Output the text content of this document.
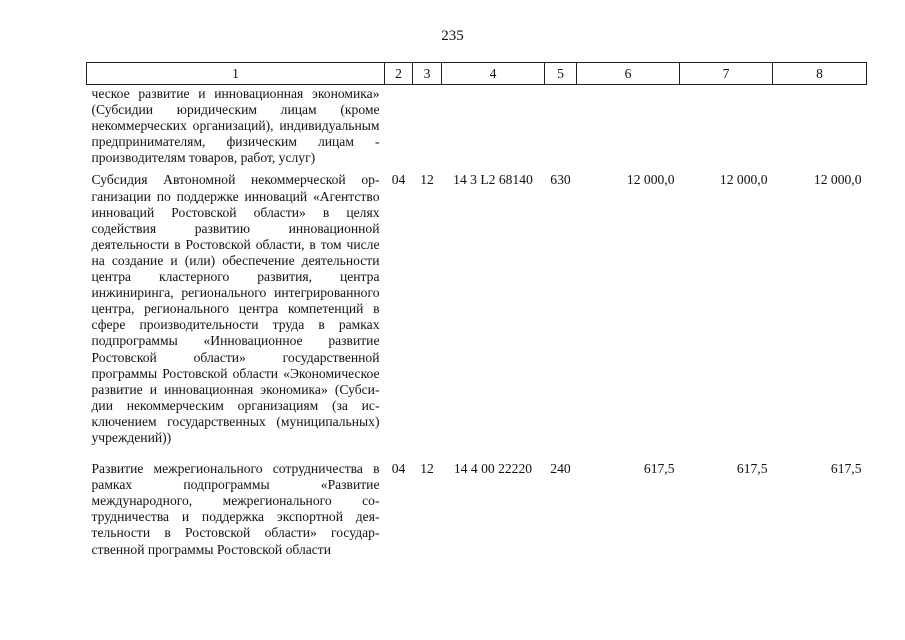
235
1	2	3	4	5	6	7	8
ческое развитие и инновационная экономика» (Субсидии юридическим лицам (кроме некоммерческих организаций), индивидуальным предпринимателям, физическим лицам - производителям товаров, работ, услуг)							
Субсидия Автономной некоммерческой организации по поддержке инноваций «Агентство инноваций Ростовской области» в целях содействия развитию инновационной деятельности в Ростовской области, в том числе на создание и (или) обеспечение деятельности центра кластерного развития, центра инжиниринга, регионального интегрированного центра, регионального центра компетенций в сфере производительности труда в рамках подпрограммы «Инновационное развитие Ростовской области» государственной программы Ростовской области «Экономическое развитие и инновационная экономика» (Субсидии некоммерческим организациям (за исключением государственных (муниципальных) учреждений))	04	12	14 3 L2 68140	630	12 000,0	12 000,0	12 000,0
Развитие межрегионального сотрудничества в рамках подпрограммы «Развитие международного, межрегионального сотрудничества и поддержка экспортной деятельности в Ростовской области» государственной программы Ростовской области	04	12	14 4 00 22220	240	617,5	617,5	617,5
